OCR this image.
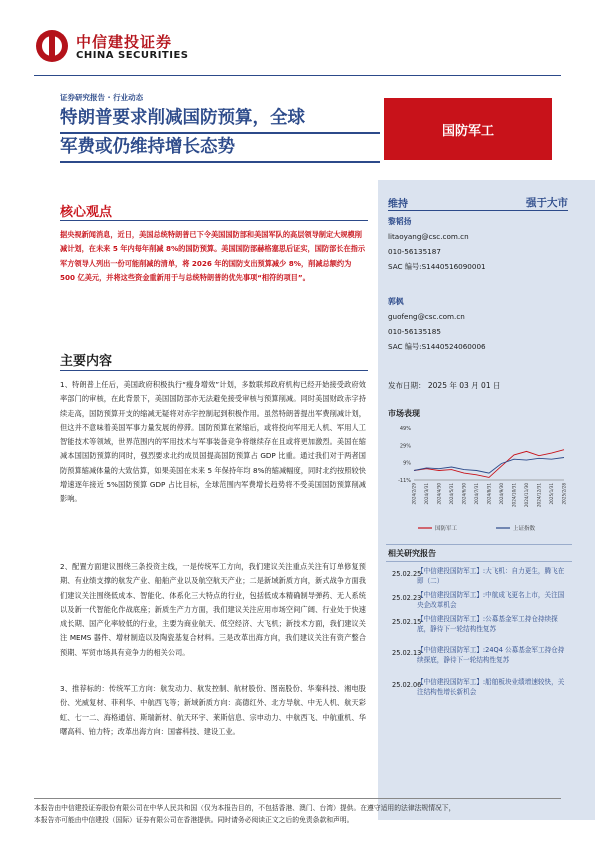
中信建投证券
CHINA SECURITIES
证券研究报告 · 行业动态
特朗普要求削减国防预算，全球
军费或仍维持增长态势
国防军工
维持	强于大市
黎韬扬
litaoyang@csc.com.cn
010-56135187
SAC 编号:S1440516090001
郭枫
guofeng@csc.com.cn
010-56135185
SAC 编号:S1440524060006
发布日期： 2025 年 03 月 01 日
市场表现
49%
29%
9%
-11%
2024/2/29 2024/3/31 2024/4/30 2024/5/31 2024/6/30 2024/7/31 2024/8/31 2024/9/30 2024/10/31 2024/11/30 2024/12/31 2025/1/31 2025/2/28
国防军工	上证指数
相关研究报告
25.02.25
【中信建投国防军工】:大飞机：自力更生，腾飞在即（二）
25.02.23
【中信建投国防军工】:中航成飞更名上市，关注国央企改革机会
25.02.15
【中信建投国防军工】:公募基金军工持仓持续探底，静待下一轮结构性复苏
25.02.13
【中信建投国防军工】:24Q4 公募基金军工持仓持续探底，静待下一轮结构性复苏
25.02.06
【中信建投国防军工】:船舶板块业绩增速较快，关注结构性增长新机会
核心观点
据央视新闻消息，近日，美国总统特朗普已下令美国国防部和美国军队的高层领导制定大规模削减计划，在未来 5 年内每年削减 8%的国防预算。美国国防部赫格塞思后证实，国防部长在指示军方领导人列出一份可能削减的清单，将 2026 年的国防支出预算减少 8%，削减总额约为 500 亿美元，并将这些资金重新用于与总统特朗普的优先事项“相符的项目”。
主要内容
1、特朗普上任后，美国政府积极执行“瘦身增效”计划，多数联邦政府机构已经开始接受政府效率部门的审核，在此背景下，美国国防部亦无法避免接受审核与预算削减。同时美国财政赤字持续走高，国防预算开支的缩减无疑将对赤字控制起到积极作用。虽然特朗普提出军费削减计划，但这并不意味着美国军事力量发展的停滞。国防预算在紧缩后，或将投向军用无人机、军用人工智能技术等领域，世界范围内的军用技术与军事装备竞争将继续存在且或将更加激烈。美国在缩减本国国防预算的同时，强烈要求北约成员国提高国防预算占 GDP 比重。通过我们对于两者国防预算缩减体量的大致估算，如果美国在未来 5 年保持年均 8%的缩减幅度，同时北约按照较快增速逐年接近 5%国防预算 GDP 占比目标，全球范围内军费增长趋势将不受美国国防预算削减影响。
2、配置方面建议围绕三条投资主线，一是传统军工方向，我们建议关注重点关注有订单修复预期、有业绩支撑的航发产业、船舶产业以及航空航天产业；二是新域新质方向，新式战争方面我们建议关注围绕低成本、智能化、体系化三大特点的行业，包括低成本精确制导弹药、无人系统以及新一代智能化作战底座；新质生产力方面，我们建议关注应用市场空间广阔、行业处于快速成长期、国产化率较低的行业，主要为商业航天、低空经济、大飞机；新技术方面，我们建议关注 MEMS 器件、增材制造以及陶瓷基复合材料。三是改革出海方向，我们建议关注有资产整合预期、军贸市场具有竞争力的相关公司。
3、推荐标的：传统军工方向：航发动力、航发控制、航材股份、图南股份、华秦科技、湘电股份、光威复材、菲利华、中航西飞等；新域新质方向：高德红外、北方导航、中无人机、航天彩虹、七一二、海格通信、斯瑞新材、航天环宇、莱斯信息、宗申动力、中航西飞、中航重机、华曙高科、铂力特；改革出海方向：国睿科技、建设工业。
本报告由中信建投证券股份有限公司在中华人民共和国（仅为本报告目的，不包括香港、澳门、台湾）提供。在遵守适用的法律法规情况下，
本报告亦可能由中信建投（国际）证券有限公司在香港提供。同时请务必阅读正文之后的免责条款和声明。
